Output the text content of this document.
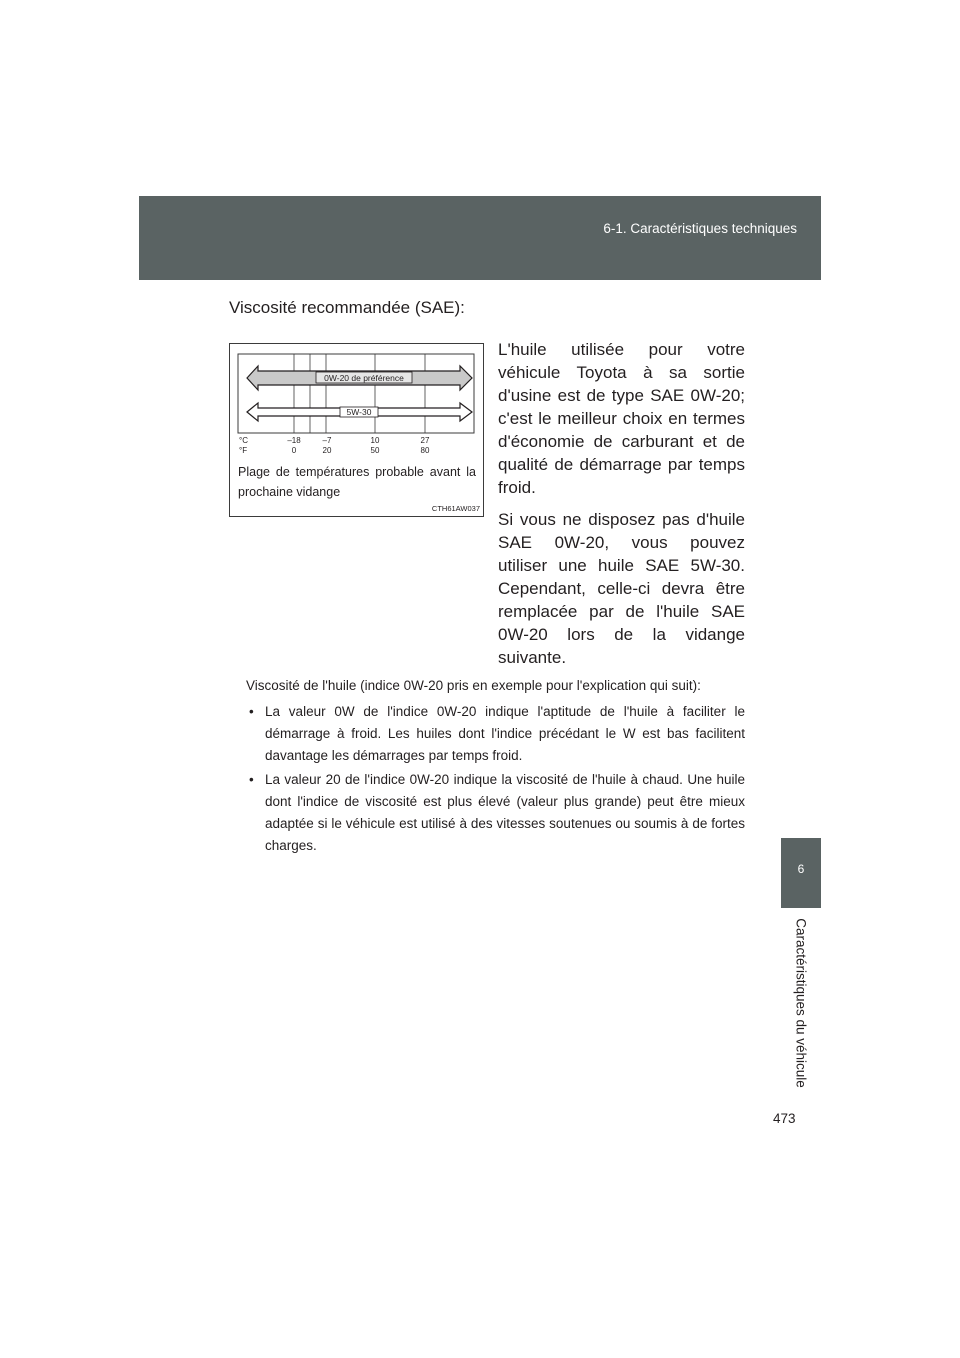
6-1. Caractéristiques techniques
6
Caractéristiques du véhicule
473
Viscosité recommandée (SAE):
0W-20 de préférence
5W-30
°C
°F
–18	–7	10	27
0	20	50	80
Plage de températures probable avant la prochaine vidange
CTH61AW037

L'huile utilisée pour votre véhicule Toyota à sa sortie d'usine est de type SAE 0W-20; c'est le meilleur choix en termes d'économie de carburant et de qualité de démarrage par temps froid.

Si vous ne disposez pas d'huile SAE 0W-20, vous pouvez utiliser une huile SAE 5W-30. Cependant, celle-ci devra être remplacée par de l'huile SAE 0W-20 lors de la vidange suivante.

Viscosité de l'huile (indice 0W-20 pris en exemple pour l'explication qui suit):

• La valeur 0W de l'indice 0W-20 indique l'aptitude de l'huile à faciliter le démarrage à froid. Les huiles dont l'indice précédant le W est bas facilitent davantage les démarrages par temps froid.
• La valeur 20 de l'indice 0W-20 indique la viscosité de l'huile à chaud. Une huile dont l'indice de viscosité est plus élevé (valeur plus grande) peut être mieux adaptée si le véhicule est utilisé à des vitesses soutenues ou soumis à de fortes charges.
